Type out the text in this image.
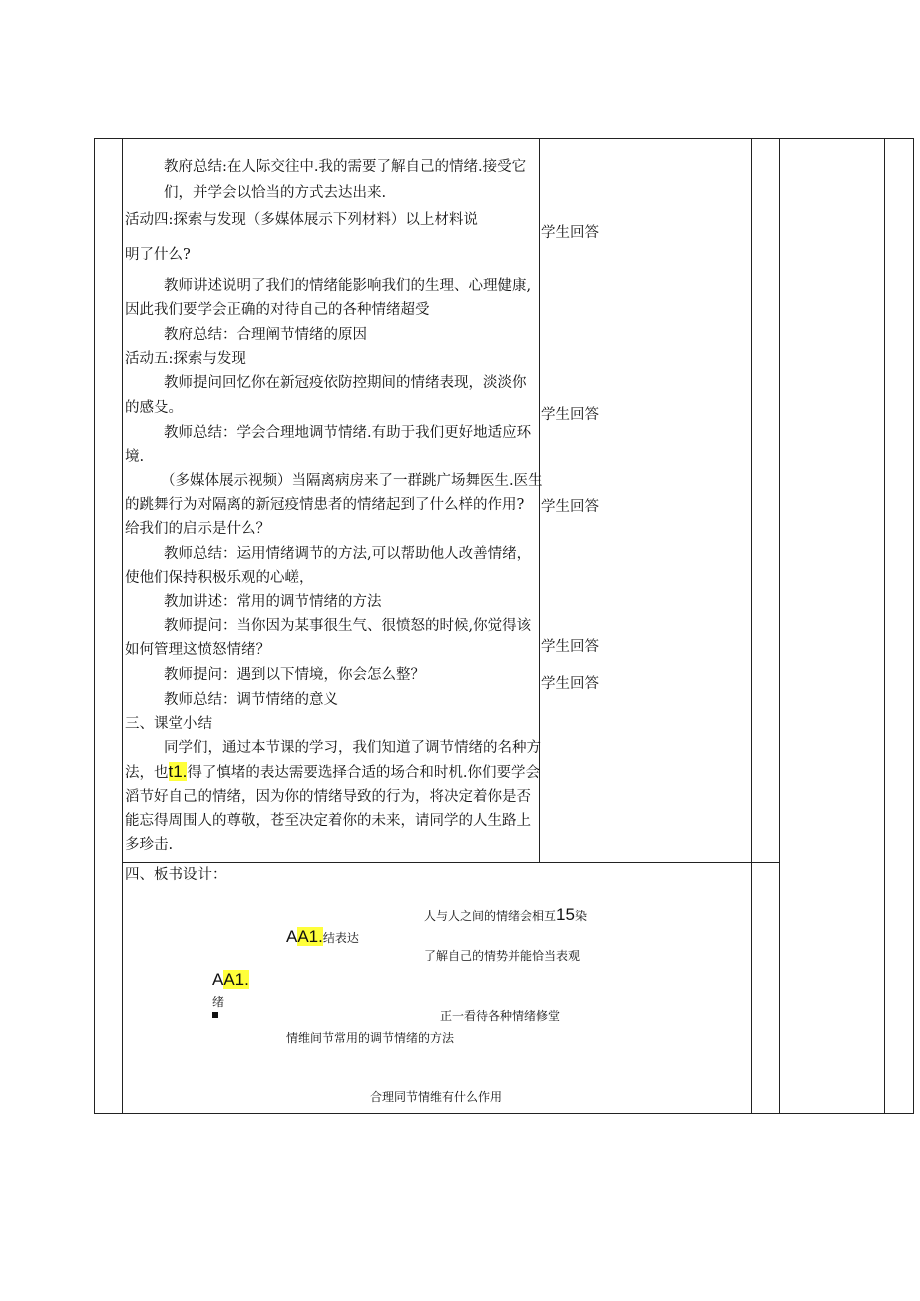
教府总结:在人际交往中.我的需要了解自己的情绪.接受它
们，并学会以恰当的方式去达出来.
活动四:探索与发现（多媒体展示下列材料）以上材料说
明了什么?
教师讲述说明了我们的情绪能影响我们的生理、心理健康,
因此我们要学会正确的对待自己的各种情绪超受
教府总结：合理阐节情绪的原因
活动五:探索与发现
教师提问回忆你在新冠疫依防控期间的情绪表现，淡淡你
的感殳。
教师总结：学会合理地调节情绪.有助于我们更好地适应环
境.
（多媒体展示视频）当隔离病房来了一群跳广场舞医生.医生
的跳舞行为对隔离的新冠疫情患者的情绪起到了什么样的作用?
给我们的启示是什么？
教师总结：运用情绪调节的方法,可以帮助他人改善情绪，
使他们保持积极乐观的心嵯，
教加讲述：常用的调节情绪的方法
教师提问：当你因为某事很生气、很愤怒的时候,你觉得该
如何管理这愤怒情绪？
教师提问：遇到以下情境，你会怎么整？
教师总结：调节情绪的意义
三、课堂小结
同学们，通过本节课的学习，我们知道了调节情绪的名种方
法，也t1.得了慎堵的表达需要选择合适的场合和时机.你们要学会
滔节好自己的情绪，因为你的情绪导致的行为，将决定着你是否
能忘得周围人的尊敬，苍至决定着你的未来，请同学的人生路上
多珍击.
学生回答
学生回答
学生回答
学生回答
学生回答
四、板书设计：
人与人之间的情绪会相互15染
AA1.结表达
了解自己的情势并能恰当表观
AA1.
绪
正一看待各种情绪修堂
情维间节常用的调节情绪的方法
合理同节情维有什么作用
